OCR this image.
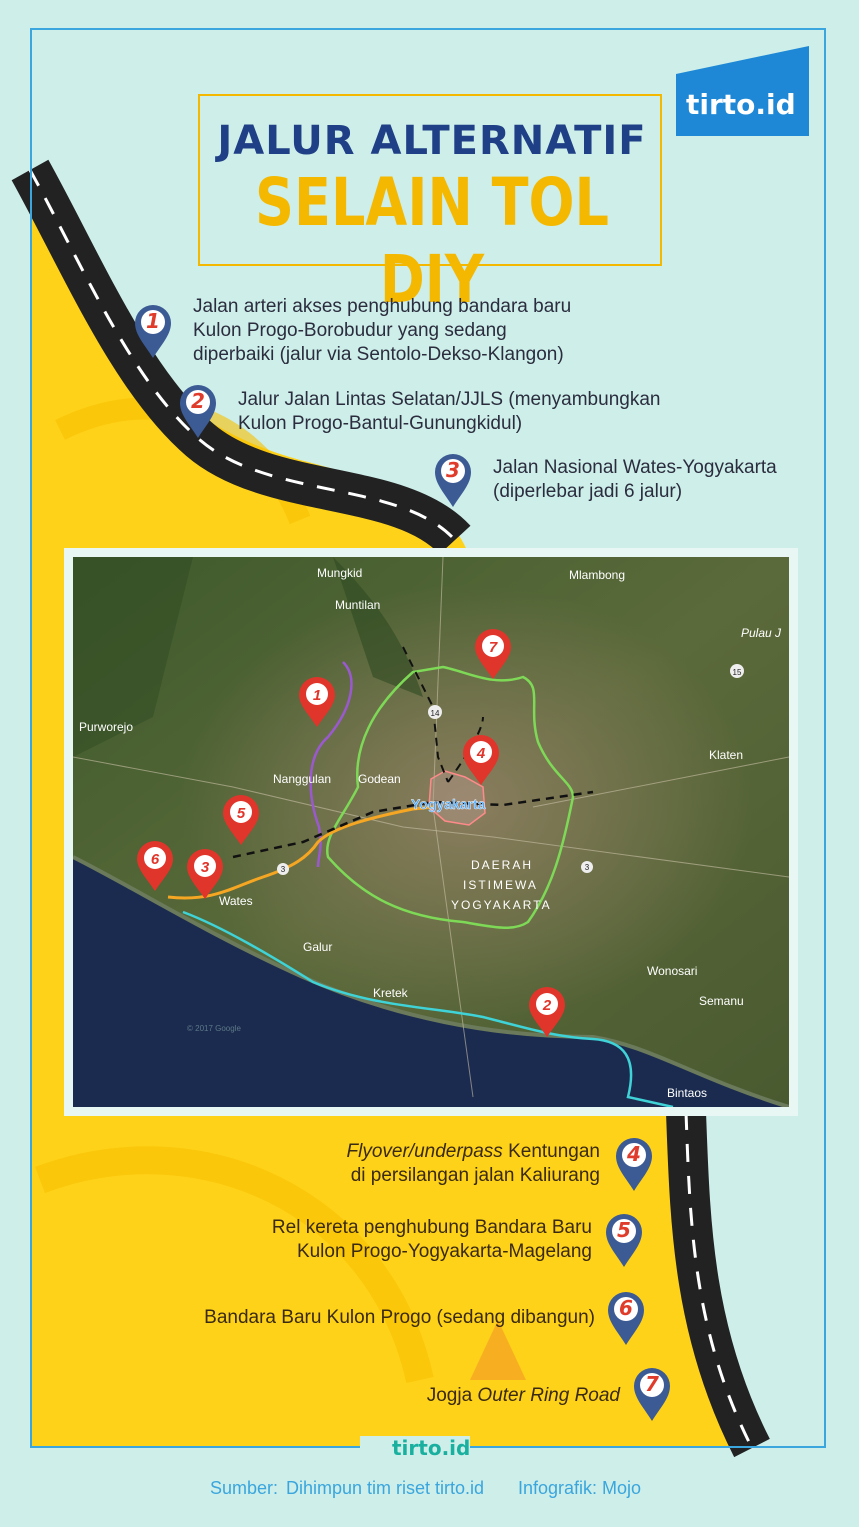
JALUR ALTERNATIF
SELAIN TOL DIY
tirto.id
1
Jalan arteri akses penghubung bandara baru
Kulon Progo-Borobudur yang sedang
diperbaiki (jalur via Sentolo-Dekso-Klangon)
2	Jalur Jalan Lintas Selatan/JJLS (menyambungkan
Kulon Progo-Bantul-Gunungkidul)
3	Jalan Nasional Wates-Yogyakarta
(diperlebar jadi 6 jalur)
14
15
3	3
Mungkid
Muntilan
Mlambong
Pulau J
Purworejo
Nanggulan Godean
Yogyakarta
Klaten
DAERAH
ISTIMEWA
YOGYAKARTA
Wates
Galur
Kretek
Wonosari
Semanu
Bintaos
© 2017 Google
1
2
3
4
5
6
7
Flyover/underpass Kentungan
di persilangan jalan Kaliurang
4
Rel kereta penghubung Bandara Baru
Kulon Progo-Yogyakarta-Magelang
5
Bandara Baru Kulon Progo (sedang dibangun)	6
Jogja Outer Ring Road	7
tirto.id
Sumber: Dihimpun tim riset tirto.id Infografik: Mojo
